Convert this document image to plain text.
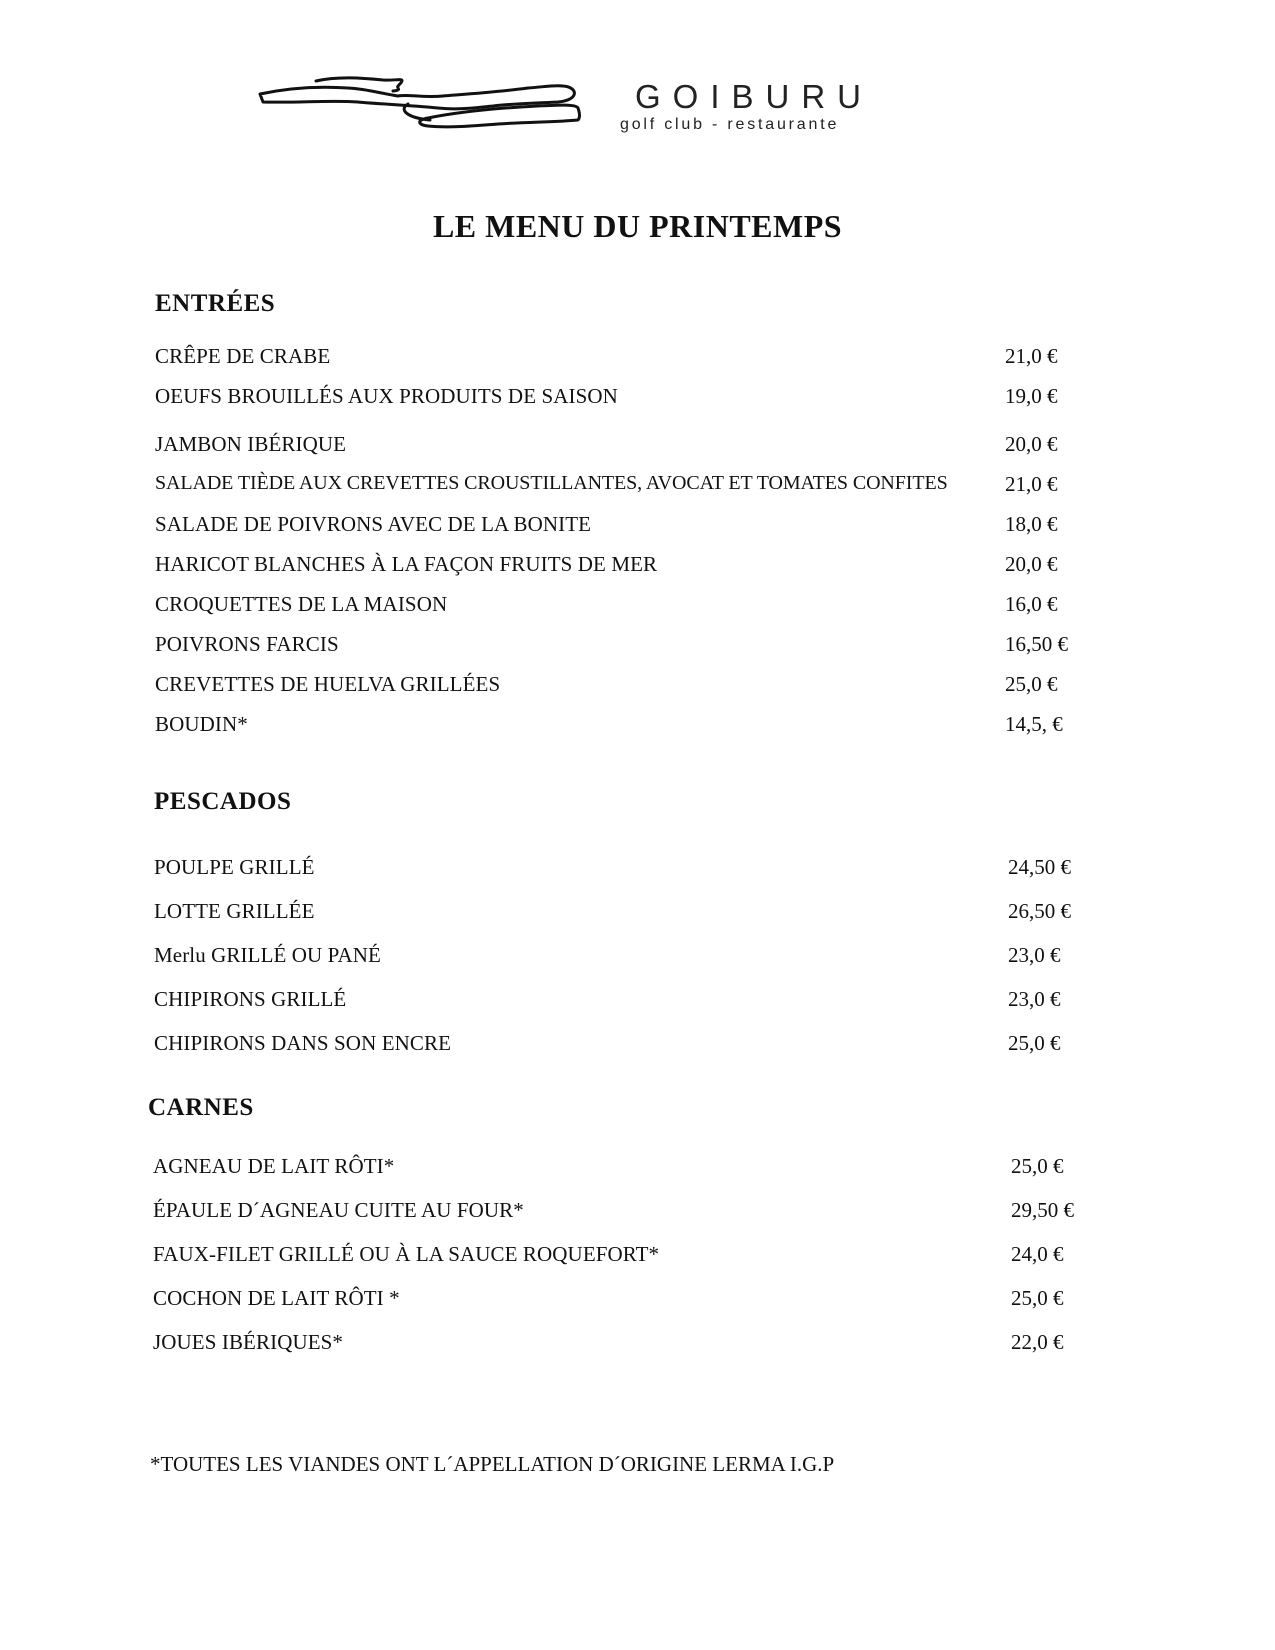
GOIBURU
golf club - restaurante
LE MENU DU PRINTEMPS
ENTRÉES
CRÊPE DE CRABE	21,0 €
OEUFS BROUILLÉS AUX PRODUITS DE SAISON	19,0 €
JAMBON IBÉRIQUE	20,0 €
SALADE TIÈDE AUX CREVETTES CROUSTILLANTES, AVOCAT ET TOMATES CONFITES	21,0 €
SALADE DE POIVRONS AVEC DE LA BONITE	18,0 €
HARICOT BLANCHES À LA FAÇON FRUITS DE MER	20,0 €
CROQUETTES DE LA MAISON	16,0 €
POIVRONS FARCIS	16,50 €
CREVETTES DE HUELVA GRILLÉES	25,0 €
BOUDIN*	14,5, €
PESCADOS
POULPE GRILLÉ	24,50 €
LOTTE GRILLÉE	26,50 €
Merlu GRILLÉ OU PANÉ	23,0 €
CHIPIRONS GRILLÉ	23,0 €
CHIPIRONS DANS SON ENCRE	25,0 €
CARNES
AGNEAU DE LAIT RÔTI*	25,0 €
ÉPAULE D´AGNEAU CUITE AU FOUR*	29,50 €
FAUX-FILET GRILLÉ OU À LA SAUCE ROQUEFORT*	24,0 €
COCHON DE LAIT RÔTI *	25,0 €
JOUES IBÉRIQUES*	22,0 €
*TOUTES LES VIANDES ONT L´APPELLATION D´ORIGINE LERMA I.G.P
